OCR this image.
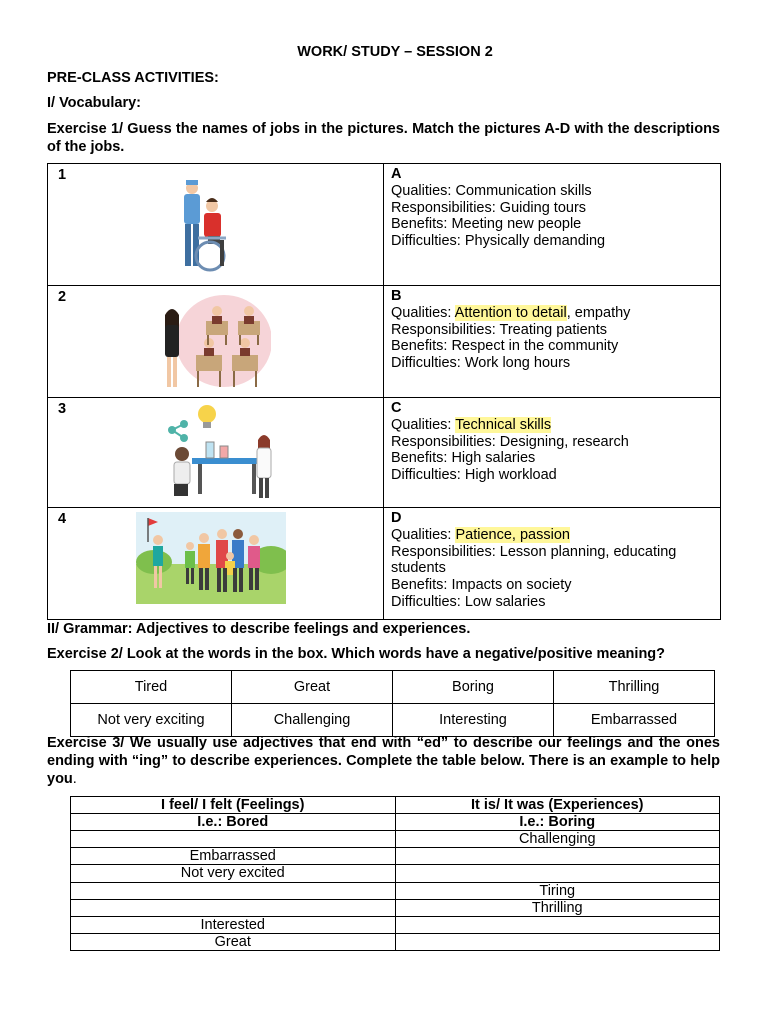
WORK/ STUDY – SESSION 2
PRE-CLASS ACTIVITIES:
I/ Vocabulary:
Exercise 1/ Guess the names of jobs in the pictures. Match the pictures A-D with the descriptions of the jobs.
1	A
Qualities: Communication skills
Responsibilities: Guiding tours
Benefits: Meeting new people
Difficulties: Physically demanding

2	B
Qualities: Attention to detail, empathy
Responsibilities: Treating patients
Benefits: Respect in the community
Difficulties: Work long hours

3	C
Qualities: Technical skills
Responsibilities: Designing, research
Benefits: High salaries
Difficulties: High workload

4	D
Qualities: Patience, passion
Responsibilities: Lesson planning, educating students
Benefits: Impacts on society
Difficulties: Low salaries
II/ Grammar: Adjectives to describe feelings and experiences.
Exercise 2/ Look at the words in the box. Which words have a negative/positive meaning?
Tired	Great	Boring	Thrilling
Not very exciting	Challenging	Interesting	Embarrassed
Exercise 3/ We usually use adjectives that end with “ed” to describe our feelings and the ones ending with “ing” to describe experiences. Complete the table below. There is an example to help you.
I feel/ I felt (Feelings)	It is/ It was (Experiences)
I.e.: Bored	I.e.: Boring
	Challenging
Embarrassed	
Not very excited	
	Tiring
	Thrilling
Interested	
Great	
